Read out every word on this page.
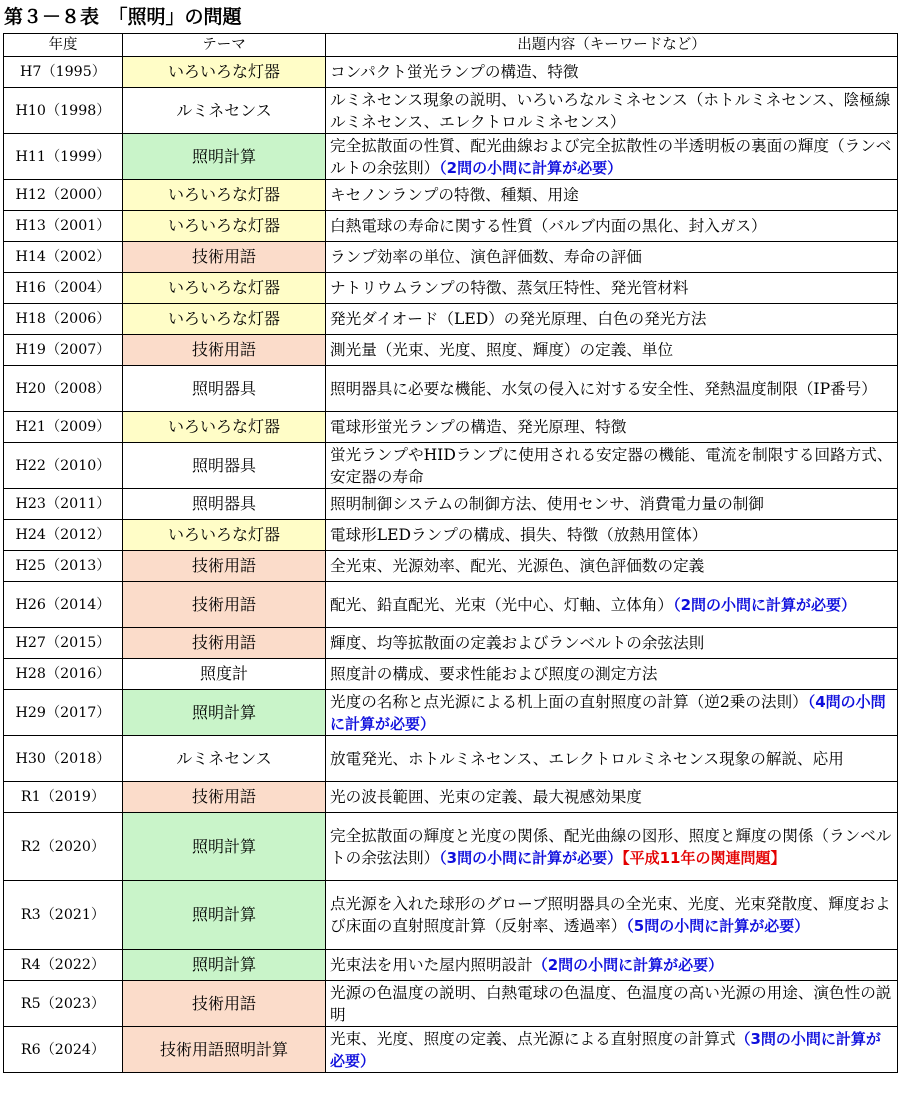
第３－８表　「照明」の問題
年度	テーマ	出題内容（キーワードなど）
H7（1995）	いろいろな灯器	コンパクト蛍光ランプの構造、特徴
H10（1998）	ルミネセンス	ルミネセンス現象の説明、いろいろなルミネセンス（ホトルミネセンス、陰極線ルミネセンス、エレクトロルミネセンス）
H11（1999）	照明計算	完全拡散面の性質、配光曲線および完全拡散性の半透明板の裏面の輝度（ランベルトの余弦則）（2問の小問に計算が必要）
H12（2000）	いろいろな灯器	キセノンランプの特徴、種類、用途
H13（2001）	いろいろな灯器	白熱電球の寿命に関する性質（バルブ内面の黒化、封入ガス）
H14（2002）	技術用語	ランプ効率の単位、演色評価数、寿命の評価
H16（2004）	いろいろな灯器	ナトリウムランプの特徴、蒸気圧特性、発光管材料
H18（2006）	いろいろな灯器	発光ダイオード（LED）の発光原理、白色の発光方法
H19（2007）	技術用語	測光量（光束、光度、照度、輝度）の定義、単位
H20（2008）	照明器具	照明器具に必要な機能、水気の侵入に対する安全性、発熱温度制限（IP番号）
H21（2009）	いろいろな灯器	電球形蛍光ランプの構造、発光原理、特徴
H22（2010）	照明器具	蛍光ランプやHIDランプに使用される安定器の機能、電流を制限する回路方式、安定器の寿命
H23（2011）	照明器具	照明制御システムの制御方法、使用センサ、消費電力量の制御
H24（2012）	いろいろな灯器	電球形LEDランプの構成、損失、特徴（放熱用筐体）
H25（2013）	技術用語	全光束、光源効率、配光、光源色、演色評価数の定義
H26（2014）	技術用語	配光、鉛直配光、光束（光中心、灯軸、立体角）（2問の小問に計算が必要）
H27（2015）	技術用語	輝度、均等拡散面の定義およびランベルトの余弦法則
H28（2016）	照度計	照度計の構成、要求性能および照度の測定方法
H29（2017）	照明計算	光度の名称と点光源による机上面の直射照度の計算（逆2乗の法則）（4問の小問に計算が必要）
H30（2018）	ルミネセンス	放電発光、ホトルミネセンス、エレクトロルミネセンス現象の解説、応用
R1（2019）	技術用語	光の波長範囲、光束の定義、最大視感効果度
R2（2020）	照明計算	完全拡散面の輝度と光度の関係、配光曲線の図形、照度と輝度の関係（ランベルトの余弦法則）（3問の小問に計算が必要）【平成11年の関連問題】
R3（2021）	照明計算	点光源を入れた球形のグローブ照明器具の全光束、光度、光束発散度、輝度および床面の直射照度計算（反射率、透過率）（5問の小問に計算が必要）
R4（2022）	照明計算	光束法を用いた屋内照明設計（2問の小問に計算が必要）
R5（2023）	技術用語	光源の色温度の説明、白熱電球の色温度、色温度の高い光源の用途、演色性の説明
R6（2024）	技術用語照明計算	光束、光度、照度の定義、点光源による直射照度の計算式（3問の小問に計算が必要）
